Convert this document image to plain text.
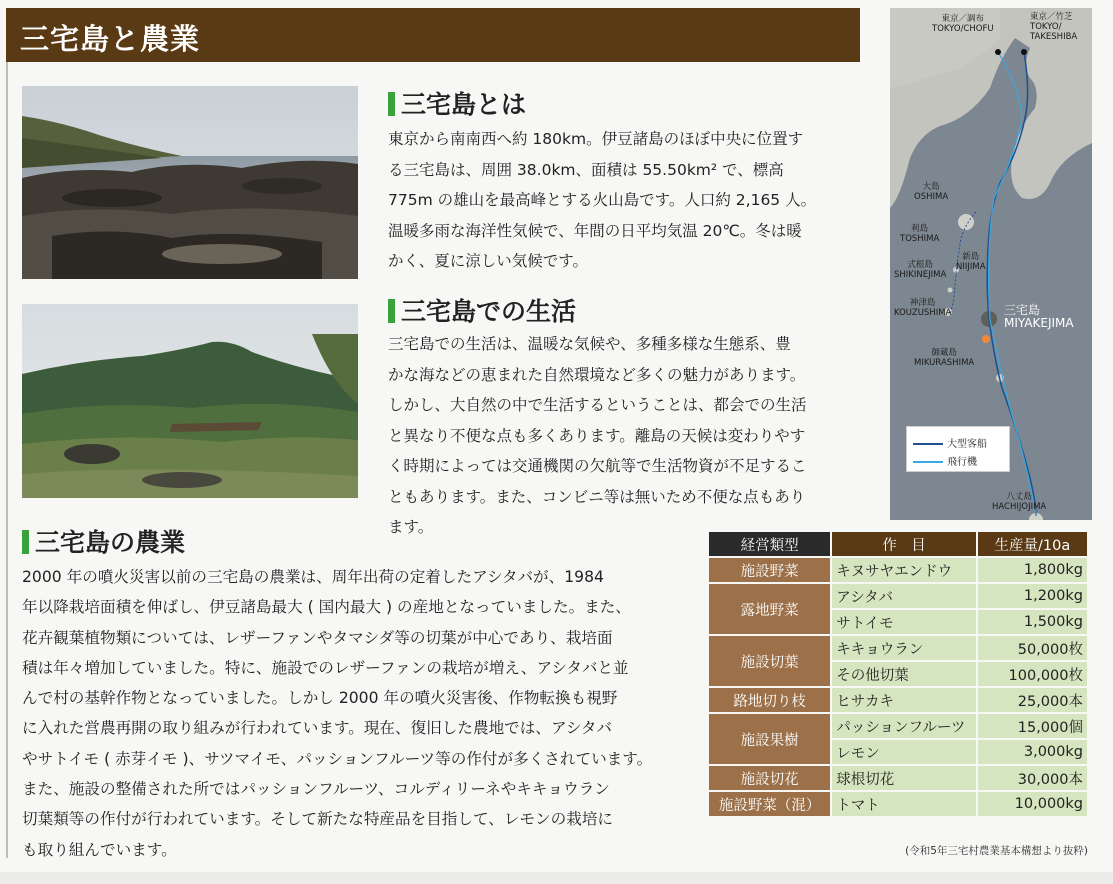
三宅島と農業
三宅島とは
東京から南南西へ約 180km。伊豆諸島のほぼ中央に位置す
る三宅島は、周囲 38.0km、面積は 55.50km² で、標高
775m の雄山を最高峰とする火山島です。人口約 2,165 人。
温暖多雨な海洋性気候で、年間の日平均気温 20℃。冬は暖
かく、夏に涼しい気候です。
三宅島での生活
三宅島での生活は、温暖な気候や、多種多様な生態系、豊
かな海などの恵まれた自然環境など多くの魅力があります。
しかし、大自然の中で生活するということは、都会での生活
と異なり不便な点も多くあります。離島の天候は変わりやす
く時期によっては交通機関の欠航等で生活物資が不足するこ
ともあります。また、コンビニ等は無いため不便な点もあり
ます。
三宅島の農業
2000 年の噴火災害以前の三宅島の農業は、周年出荷の定着したアシタバが、1984
年以降栽培面積を伸ばし、伊豆諸島最大 ( 国内最大 ) の産地となっていました。また、
花卉観葉植物類については、レザーファンやタマシダ等の切葉が中心であり、栽培面
積は年々増加していました。特に、施設でのレザーファンの栽培が増え、アシタバと並
んで村の基幹作物となっていました。しかし 2000 年の噴火災害後、作物転換も視野
に入れた営農再開の取り組みが行われています。現在、復旧した農地では、アシタバ
やサトイモ ( 赤芽イモ )、サツマイモ、パッションフルーツ等の作付が多くされています。
また、施設の整備された所ではパッションフルーツ、コルディリーネやキキョウラン
切葉類等の作付が行われています。そして新たな特産品を目指して、レモンの栽培に
も取り組んでいます。
東京／調布
TOKYO/CHOFU
東京／竹芝
TOKYO/
TAKESHIBA
大島
OSHIMA
利島
TOSHIMA
式根島
SHIKINEJIMA
新島
NIIJIMA
神津島
KOUZUSHIMA	三宅島
MIYAKEJIMA
御蔵島
MIKURASHIMA
八丈島
HACHIJOJIMA
大型客船
飛行機
経営類型	作　目	生産量/10a
施設野菜	キヌサヤエンドウ	1,800kg
露地野菜	アシタバ	1,200kg
	サトイモ	1,500kg
施設切葉	キキョウラン	50,000枚
	その他切葉	100,000枚
路地切り枝	ヒサカキ	25,000本
施設果樹	パッションフルーツ	15,000個
	レモン	3,000kg
施設切花	球根切花	30,000本
施設野菜（混）	トマト	10,000kg
(令和5年三宅村農業基本構想より抜粋)
